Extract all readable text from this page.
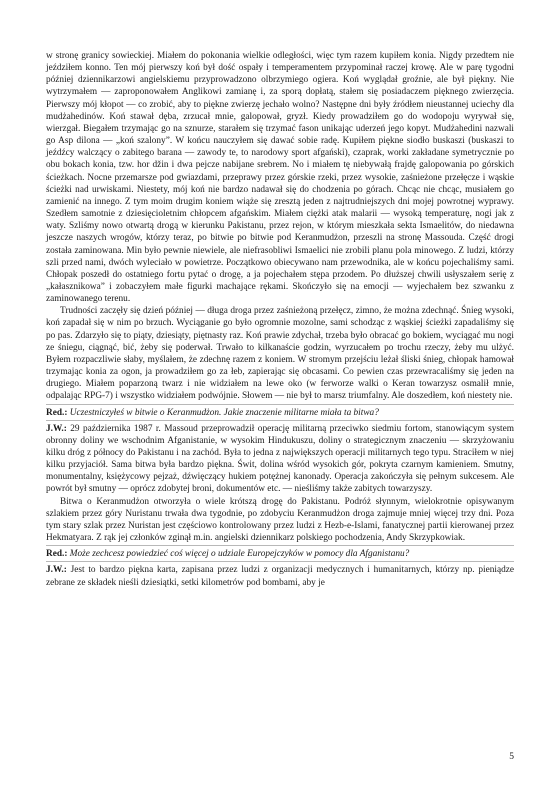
w stronę granicy sowieckiej. Miałem do pokonania wielkie odległości, więc tym razem kupiłem konia. Nigdy przedtem nie jeździłem konno. Ten mój pierwszy koń był dość ospały i temperamentem przypominał raczej krowę. Ale w parę tygodni później dziennikarzowi angielskiemu przyprowadzono olbrzymiego ogiera. Koń wyglądał groźnie, ale był piękny. Nie wytrzymałem — zaproponowałem Anglikowi zamianę i, za sporą dopłatą, stałem się posiadaczem pięknego zwierzęcia. Pierwszy mój kłopot — co zrobić, aby to piękne zwierzę jechało wolno? Następne dni były źródłem nieustannej uciechy dla mudżahedinów. Koń stawał dęba, zrzucał mnie, galopował, gryzł. Kiedy prowadziłem go do wodopoju wyrywał się, wierzgał. Biegałem trzymając go na sznurze, starałem się trzymać fason unikając uderzeń jego kopyt. Mudżahedini nazwali go Asp dilona — „koń szalony”. W końcu nauczyłem się dawać sobie radę. Kupiłem piękne siodło buskaszi (buskaszi to jeźdźcy walczący o zabitego barana — zawody te, to narodowy sport afgański), czaprak, worki zakładane symetrycznie po obu bokach konia, tzw. hor džin i dwa pejcze nabijane srebrem. No i miałem tę niebywałą frajdę galopowania po górskich ścieżkach. Nocne przemarsze pod gwiazdami, przeprawy przez górskie rzeki, przez wysokie, zaśnieżone przełęcze i wąskie ścieżki nad urwiskami. Niestety, mój koń nie bardzo nadawał się do chodzenia po górach. Chcąc nie chcąc, musiałem go zamienić na innego. Z tym moim drugim koniem wiąże się zresztą jeden z najtrudniejszych dni mojej powrotnej wyprawy. Szedłem samotnie z dziesięcioletnim chłopcem afgańskim. Miałem ciężki atak malarii — wysoką temperaturę, nogi jak z waty. Szliśmy nowo otwartą drogą w kierunku Pakistanu, przez rejon, w którym mieszkała sekta Ismaelitów, do niedawna jeszcze naszych wrogów, którzy teraz, po bitwie po bitwie pod Keranmudżon, przeszli na stronę Massouda. Część drogi została zaminowana. Min było pewnie niewiele, ale niefrasobliwi Ismaelici nie zrobili planu pola minowego. Z ludzi, którzy szli przed nami, dwóch wyleciało w powietrze. Początkowo obiecywano nam przewodnika, ale w końcu pojechaliśmy sami. Chłopak poszedł do ostatniego fortu pytać o drogę, a ja pojechałem stępa przodem. Po dłuższej chwili usłyszałem serię z „kałasznikowa” i zobaczyłem małe figurki machające rękami. Skończyło się na emocji — wyjechałem bez szwanku z zaminowanego terenu.

Trudności zaczęły się dzień później — długa droga przez zaśnieżoną przełęcz, zimno, że można zdechnąć. Śnieg wysoki, koń zapadał się w nim po brzuch. Wyciąganie go było ogromnie mozolne, sami schodząc z wąskiej ścieżki zapadaliśmy się po pas. Zdarzyło się to piąty, dziesiąty, piętnasty raz. Koń prawie zdychał, trzeba było obracać go bokiem, wyciągać mu nogi ze śniegu, ciągnąć, bić, żeby się poderwał. Trwało to kilkanaście godzin, wyrzucałem po trochu rzeczy, żeby mu ulżyć. Byłem rozpaczliwie słaby, myślałem, że zdechnę razem z koniem. W stromym przejściu leżał śliski śnieg, chłopak hamował trzymając konia za ogon, ja prowadziłem go za łeb, zapierając się obcasami. Co pewien czas przewracaliśmy się jeden na drugiego. Miałem poparzoną twarz i nie widziałem na lewe oko (w ferworze walki o Keran towarzysz osmalił mnie, odpalając RPG-7) i wszystko widziałem podwójnie. Słowem — nie był to marsz triumfalny. Ale doszedłem, koń niestety nie.

Red.: Uczestniczyłeś w bitwie o Keranmudżon. Jakie znaczenie militarne miała ta bitwa?

J.W.: 29 października 1987 r. Massoud przeprowadził operację militarną przeciwko siedmiu fortom, stanowiącym system obronny doliny we wschodnim Afganistanie, w wysokim Hindukuszu, doliny o strategicznym znaczeniu — skrzyżowaniu kilku dróg z północy do Pakistanu i na zachód. Była to jedna z największych operacji militarnych tego typu. Straciłem w niej kilku przyjaciół. Sama bitwa była bardzo piękna. Świt, dolina wśród wysokich gór, pokryta czarnym kamieniem. Smutny, monumentalny, księżycowy pejzaż, dźwięczący hukiem potężnej kanonady. Operacja zakończyła się pełnym sukcesem. Ale powrót był smutny — oprócz zdobytej broni, dokumentów etc. — nieśliśmy także zabitych towarzyszy.

Bitwa o Keranmudżon otworzyła o wiele krótszą drogę do Pakistanu. Podróż słynnym, wielokrotnie opisywanym szlakiem przez góry Nuristanu trwała dwa tygodnie, po zdobyciu Keranmudżon droga zajmuje mniej więcej trzy dni. Poza tym stary szlak przez Nuristan jest częściowo kontrolowany przez ludzi z Hezb-e-Islami, fanatycznej partii kierowanej przez Hekmatyara. Z rąk jej członków zginął m.in. angielski dziennikarz polskiego pochodzenia, Andy Skrzypkowiak.

Red.: Może zechcesz powiedzieć coś więcej o udziale Europejczyków w pomocy dla Afganistanu?

J.W.: Jest to bardzo piękna karta, zapisana przez ludzi z organizacji medycznych i humanitarnych, którzy np. pieniądze zebrane ze składek nieśli dziesiątki, setki kilometrów pod bombami, aby je

5
